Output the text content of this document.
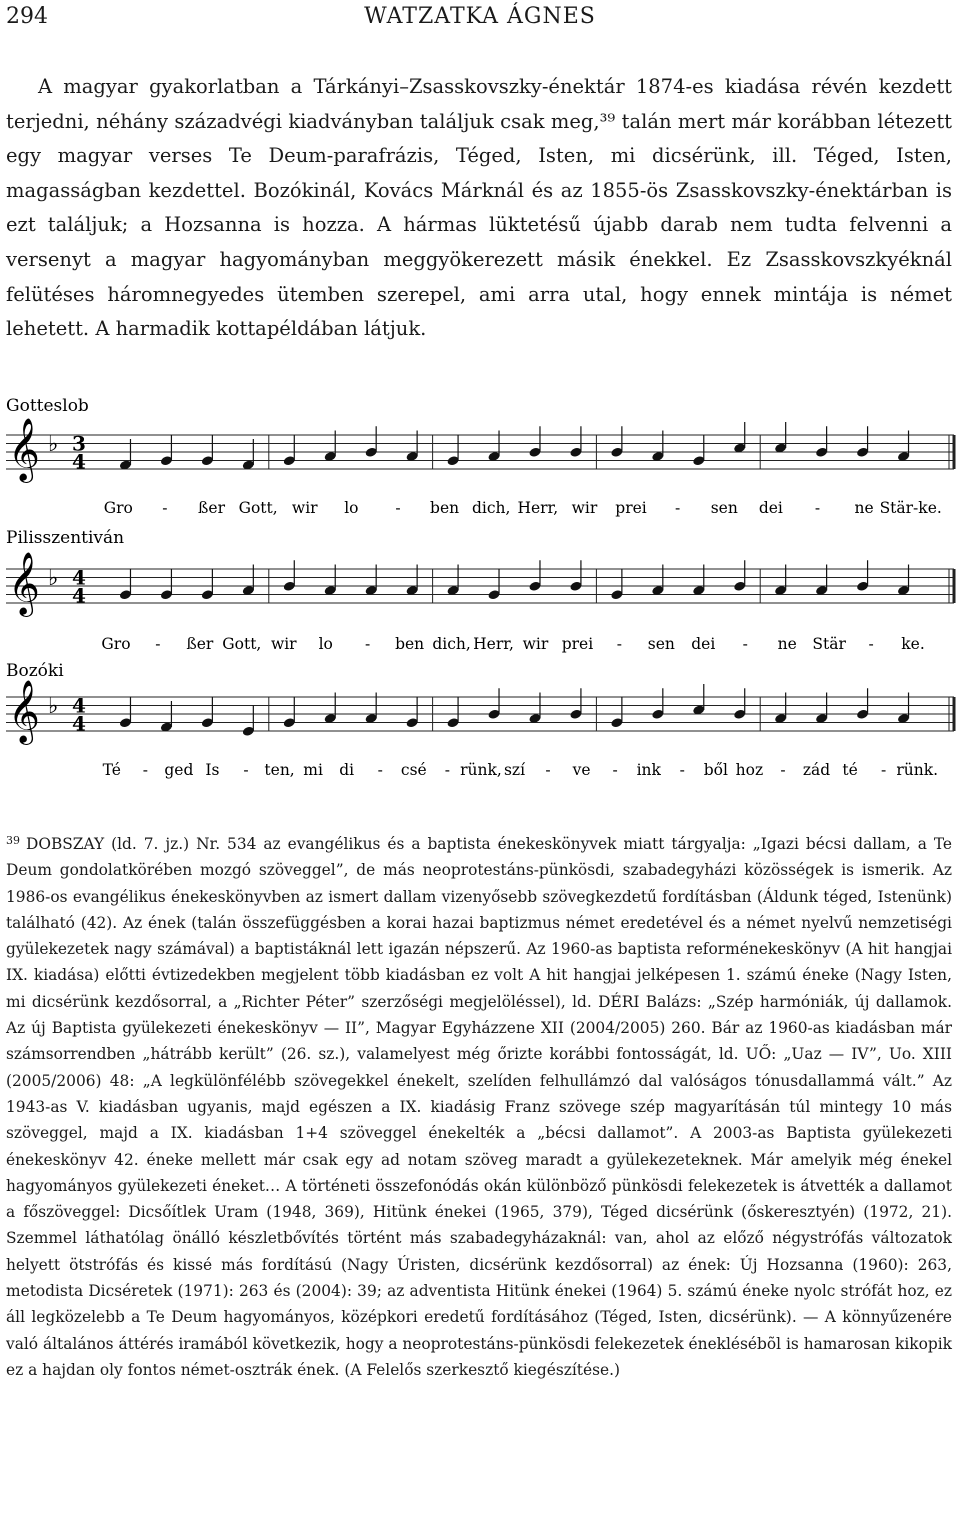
294	WATZATKA ÁGNES

A magyar gyakorlatban a Tárkányi–Zsasskovszky-énektár 1874-es kiadása révén kezdett terjedni, néhány századvégi kiadványban találjuk csak meg,³⁹ talán mert már korábban létezett egy magyar verses Te Deum-parafrázis, Téged, Isten, mi dicsérünk, ill. Téged, Isten, magasságban kezdettel. Bozókinál, Kovács Márknál és az 1855-ös Zsasskovszky-énektárban is ezt találjuk; a Hozsanna is hozza. A hármas lüktetésű újabb darab nem tudta felvenni a versenyt a magyar hagyományban meggyökerezett másik énekkel. Ez Zsasskovszkyéknál felütéses háromnegyedes ütemben szerepel, ami arra utal, hogy ennek mintája is német lehetett. A harmadik kottapéldában látjuk.

Gotteslob
𝄞 ♭ 3
4
Gro - ßer Gott, wir lo - ben dich, Herr, wir prei - sen dei - ne Stär-ke.
Pilisszentiván
𝄞 ♭ 4
4
Gro - ßer Gott, wir lo - ben dich, Herr, wir prei - sen dei - ne Stär - ke.
Bozóki
𝄞 ♭ 4
4
Té - ged Is - ten, mi di - csé - rünk, szí - ve - ink - ből hoz - zád té - rünk.

$^{39}$ DOBSZAY (ld. 7. jz.) Nr. 534 az evangélikus és a baptista énekeskönyvek miatt tárgyalja: „Igazi bécsi dallam, a Te Deum gondolatkörében mozgó szöveggel”, de más neoprotestáns-pünkösdi, szabadegyházi közösségek is ismerik. Az 1986-os evangélikus énekeskönyvben az ismert dallam vizenyősebb szövegkezdetű fordításban (Áldunk téged, Istenünk) található (42). Az ének (talán összefüggésben a korai hazai baptizmus német eredetével és a német nyelvű nemzetiségi gyülekezetek nagy számával) a baptistáknál lett igazán népszerű. Az 1960-as baptista reforménekeskönyv (A hit hangjai IX. kiadása) előtti évtizedekben megjelent több kiadásban ez volt A hit hangjai jelképesen 1. számú éneke (Nagy Isten, mi dicsérünk kezdősorral, a „Richter Péter” szerzőségi megjelöléssel), ld. DÉRI Balázs: „Szép harmóniák, új dallamok. Az új Baptista gyülekezeti énekeskönyv — II”, Magyar Egyházzene XII (2004/2005) 260. Bár az 1960-as kiadásban már számsorrendben „hátrább került” (26. sz.), valamelyest még őrizte korábbi fontosságát, ld. UŐ: „Uaz — IV”, Uo. XIII (2005/2006) 48: „A legkülönfélébb szövegekkel énekelt, szelíden felhullámzó dal valóságos tónusdallammá vált.” Az 1943-as V. kiadásban ugyanis, majd egészen a IX. kiadásig Franz szövege szép magyarításán túl mintegy 10 más szöveggel, majd a IX. kiadásban 1+4 szöveggel énekelték a „bécsi dallamot”. A 2003-as Baptista gyülekezeti énekeskönyv 42. éneke mellett már csak egy ad notam szöveg maradt a gyülekezeteknek. Már amelyik még énekel hagyományos gyülekezeti éneket… A történeti összefonódás okán különböző pünkösdi felekezetek is átvették a dallamot a főszöveggel: Dicsőítlek Uram (1948, 369), Hitünk énekei (1965, 379), Téged dicsérünk (őskeresztyén) (1972, 21). Szemmel láthatólag önálló készletbővítés történt más szabadegyházaknál: van, ahol az előző négystrófás változatok helyett ötstrófás és kissé más fordítású (Nagy Úristen, dicsérünk kezdősorral) az ének: Új Hozsanna (1960): 263, metodista Dicséretek (1971): 263 és (2004): 39; az adventista Hitünk énekei (1964) 5. számú éneke nyolc strófát hoz, ez áll legközelebb a Te Deum hagyományos, középkori eredetű fordításához (Téged, Isten, dicsérünk). — A könnyűzenére való általános áttérés iramából következik, hogy a neoprotestáns-pünkösdi felekezetek éneklésébõl is hamarosan kikopik ez a hajdan oly fontos német-osztrák ének. (A Felelős szerkesztő kiegészítése.)
